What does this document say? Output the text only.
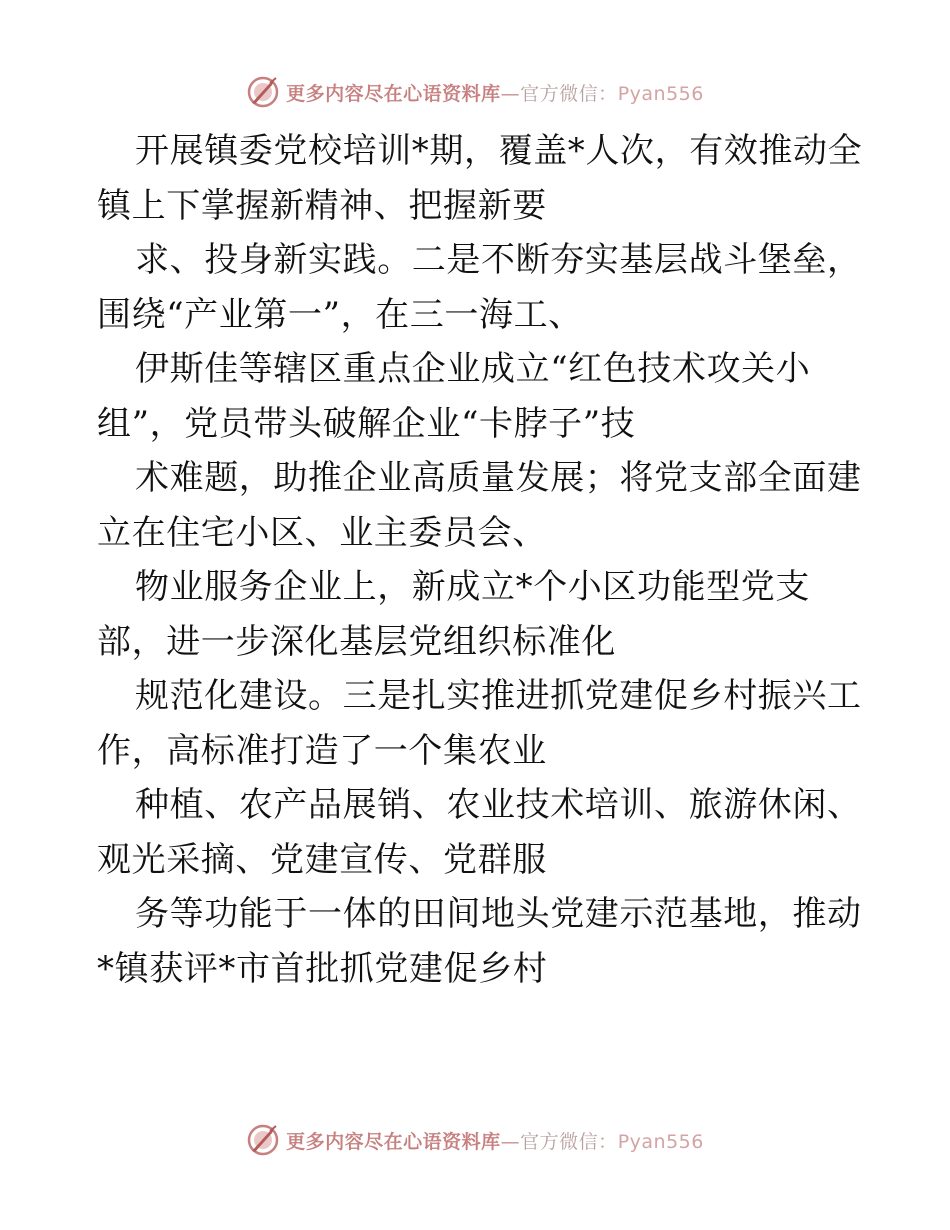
更多内容尽在心语资料库—官方微信：Pyan556
开展镇委党校培训*期，覆盖*人次，有效推动全
镇上下掌握新精神、把握新要
求、投身新实践。二是不断夯实基层战斗堡垒，
围绕“产业第一”，在三一海工、
伊斯佳等辖区重点企业成立“红色技术攻关小
组”，党员带头破解企业“卡脖子”技
术难题，助推企业高质量发展；将党支部全面建
立在住宅小区、业主委员会、
物业服务企业上，新成立*个小区功能型党支
部，进一步深化基层党组织标准化
规范化建设。三是扎实推进抓党建促乡村振兴工
作，高标准打造了一个集农业
种植、农产品展销、农业技术培训、旅游休闲、
观光采摘、党建宣传、党群服
务等功能于一体的田间地头党建示范基地，推动
*镇获评*市首批抓党建促乡村
更多内容尽在心语资料库—官方微信：Pyan556
